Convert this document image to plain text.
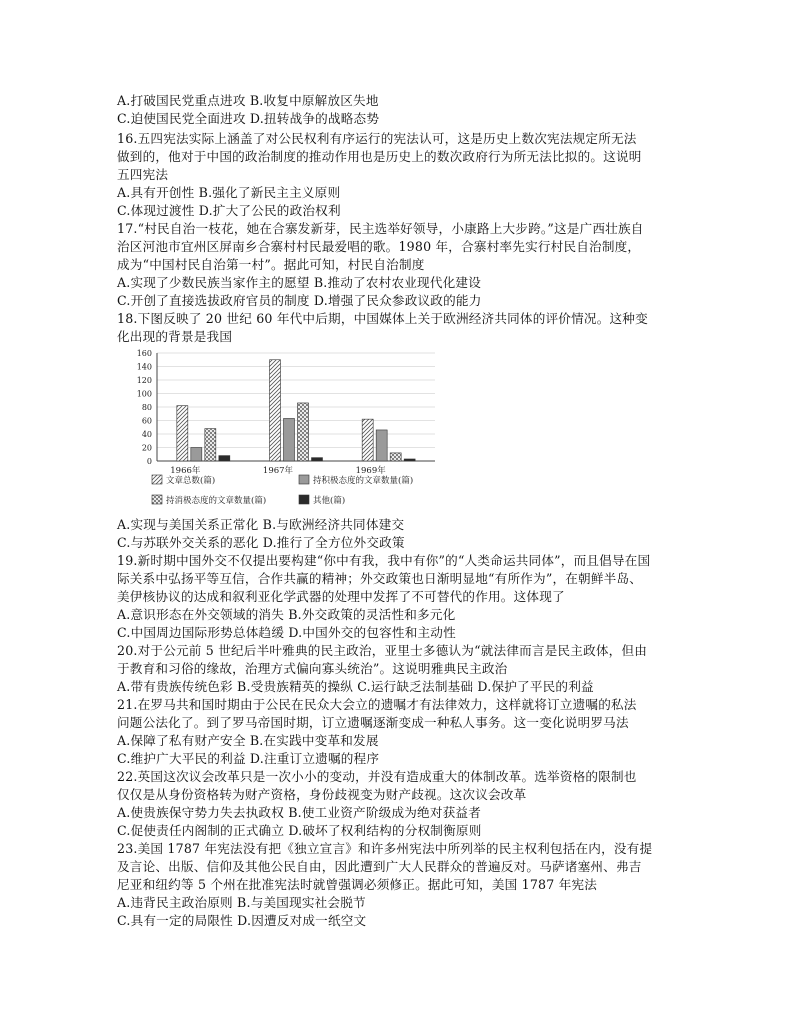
A.打破国民党重点进攻 B.收复中原解放区失地
C.迫使国民党全面进攻 D.扭转战争的战略态势
16.五四宪法实际上涵盖了对公民权利有序运行的宪法认可，这是历史上数次宪法规定所无法
做到的，他对于中国的政治制度的推动作用也是历史上的数次政府行为所无法比拟的。这说明
五四宪法
A.具有开创性 B.强化了新民主主义原则
C.体现过渡性 D.扩大了公民的政治权利
17.“村民自治一枝花，她在合寨发新芽，民主选举好领导，小康路上大步跨。”这是广西壮族自
治区河池市宜州区屏南乡合寨村村民最爱唱的歌。1980 年，合寨村率先实行村民自治制度，
成为“中国村民自治第一村”。据此可知，村民自治制度
A.实现了少数民族当家作主的愿望 B.推动了农村农业现代化建设
C.开创了直接选拔政府官员的制度 D.增强了民众参政议政的能力
18.下图反映了 20 世纪 60 年代中后期，中国媒体上关于欧洲经济共同体的评价情况。这种变
化出现的背景是我国
A.实现与美国关系正常化 B.与欧洲经济共同体建交
C.与苏联外交关系的恶化 D.推行了全方位外交政策
19.新时期中国外交不仅提出要构建“你中有我，我中有你”的“人类命运共同体”，而且倡导在国
际关系中弘扬平等互信，合作共赢的精神；外交政策也日渐明显地“有所作为”，在朝鲜半岛、
美伊核协议的达成和叙利亚化学武器的处理中发挥了不可替代的作用。这体现了
A.意识形态在外交领域的消失 B.外交政策的灵活性和多元化
C.中国周边国际形势总体趋缓 D.中国外交的包容性和主动性
20.对于公元前 5 世纪后半叶雅典的民主政治，亚里士多德认为“就法律而言是民主政体，但由
于教育和习俗的缘故，治理方式偏向寡头统治”。这说明雅典民主政治
A.带有贵族传统色彩 B.受贵族精英的操纵 C.运行缺乏法制基础 D.保护了平民的利益
21.在罗马共和国时期由于公民在民众大会立的遗嘱才有法律效力，这样就将订立遗嘱的私法
问题公法化了。到了罗马帝国时期，订立遗嘱逐渐变成一种私人事务。这一变化说明罗马法
A.保障了私有财产安全 B.在实践中变革和发展
C.维护广大平民的利益 D.注重订立遗嘱的程序
22.英国这次议会改革只是一次小小的变动，并没有造成重大的体制改革。选举资格的限制也
仅仅是从身份资格转为财产资格，身份歧视变为财产歧视。这次议会改革
A.使贵族保守势力失去执政权 B.使工业资产阶级成为绝对获益者
C.促使责任内阁制的正式确立 D.破坏了权利结构的分权制衡原则
23.美国 1787 年宪法没有把《独立宣言》和许多州宪法中所列举的民主权利包括在内，没有提
及言论、出版、信仰及其他公民自由，因此遭到广大人民群众的普遍反对。马萨诸塞州、弗吉
尼亚和纽约等 5 个州在批准宪法时就曾强调必须修正。据此可知，美国 1787 年宪法
A.违背民主政治原则 B.与美国现实社会脱节
C.具有一定的局限性 D.因遭反对成一纸空文
0
20
40
60
80
100
120
140
160
1966年	1967年	1969年
文章总数(篇)	持积极态度的文章数量(篇)
持消极态度的文章数量(篇)	其他(篇)
